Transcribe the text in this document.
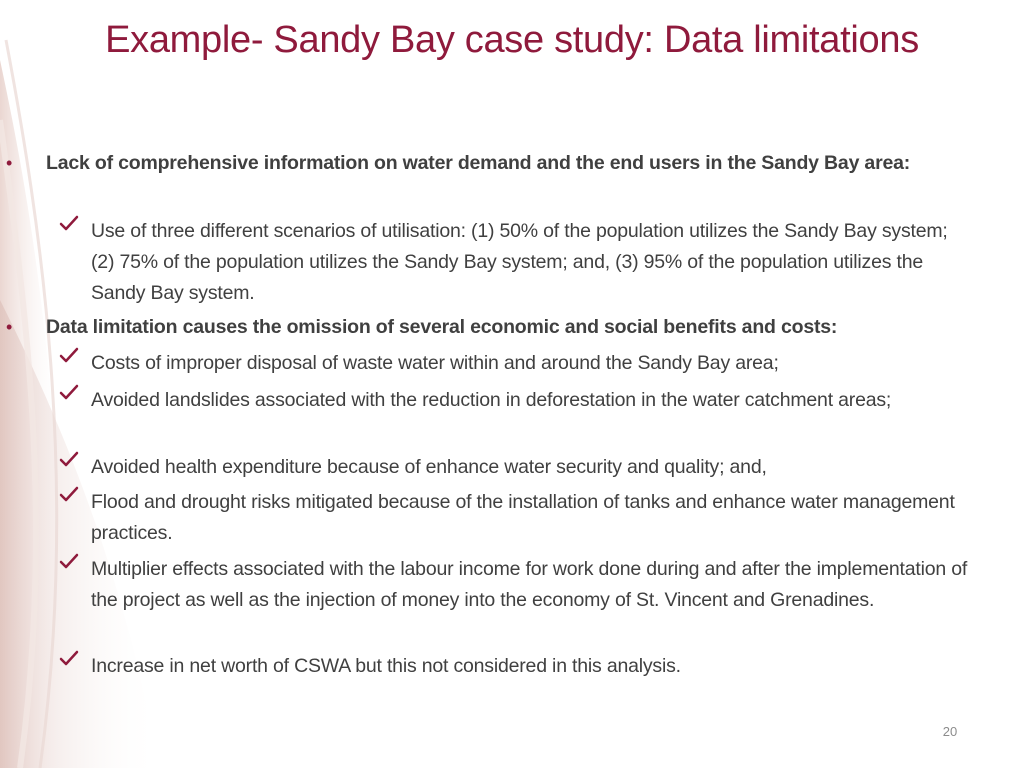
Example- Sandy Bay case study: Data limitations
• Lack of comprehensive information on water demand and the end users in the Sandy Bay area:
Use of three different scenarios of utilisation: (1) 50% of the population utilizes the Sandy Bay system; (2) 75% of the population utilizes the Sandy Bay system; and, (3) 95% of the population utilizes the Sandy Bay system.
• Data limitation causes the omission of several economic and social benefits and costs:
Costs of improper disposal of waste water within and around the Sandy Bay area;
Avoided landslides associated with the reduction in deforestation in the water catchment areas;
Avoided health expenditure because of enhance water security and quality; and,
Flood and drought risks mitigated because of the installation of tanks and enhance water management practices.
Multiplier effects associated with the labour income for work done during and after the implementation of the project as well as the injection of money into the economy of St. Vincent and Grenadines.
Increase in net worth of CSWA but this not considered in this analysis.
20
